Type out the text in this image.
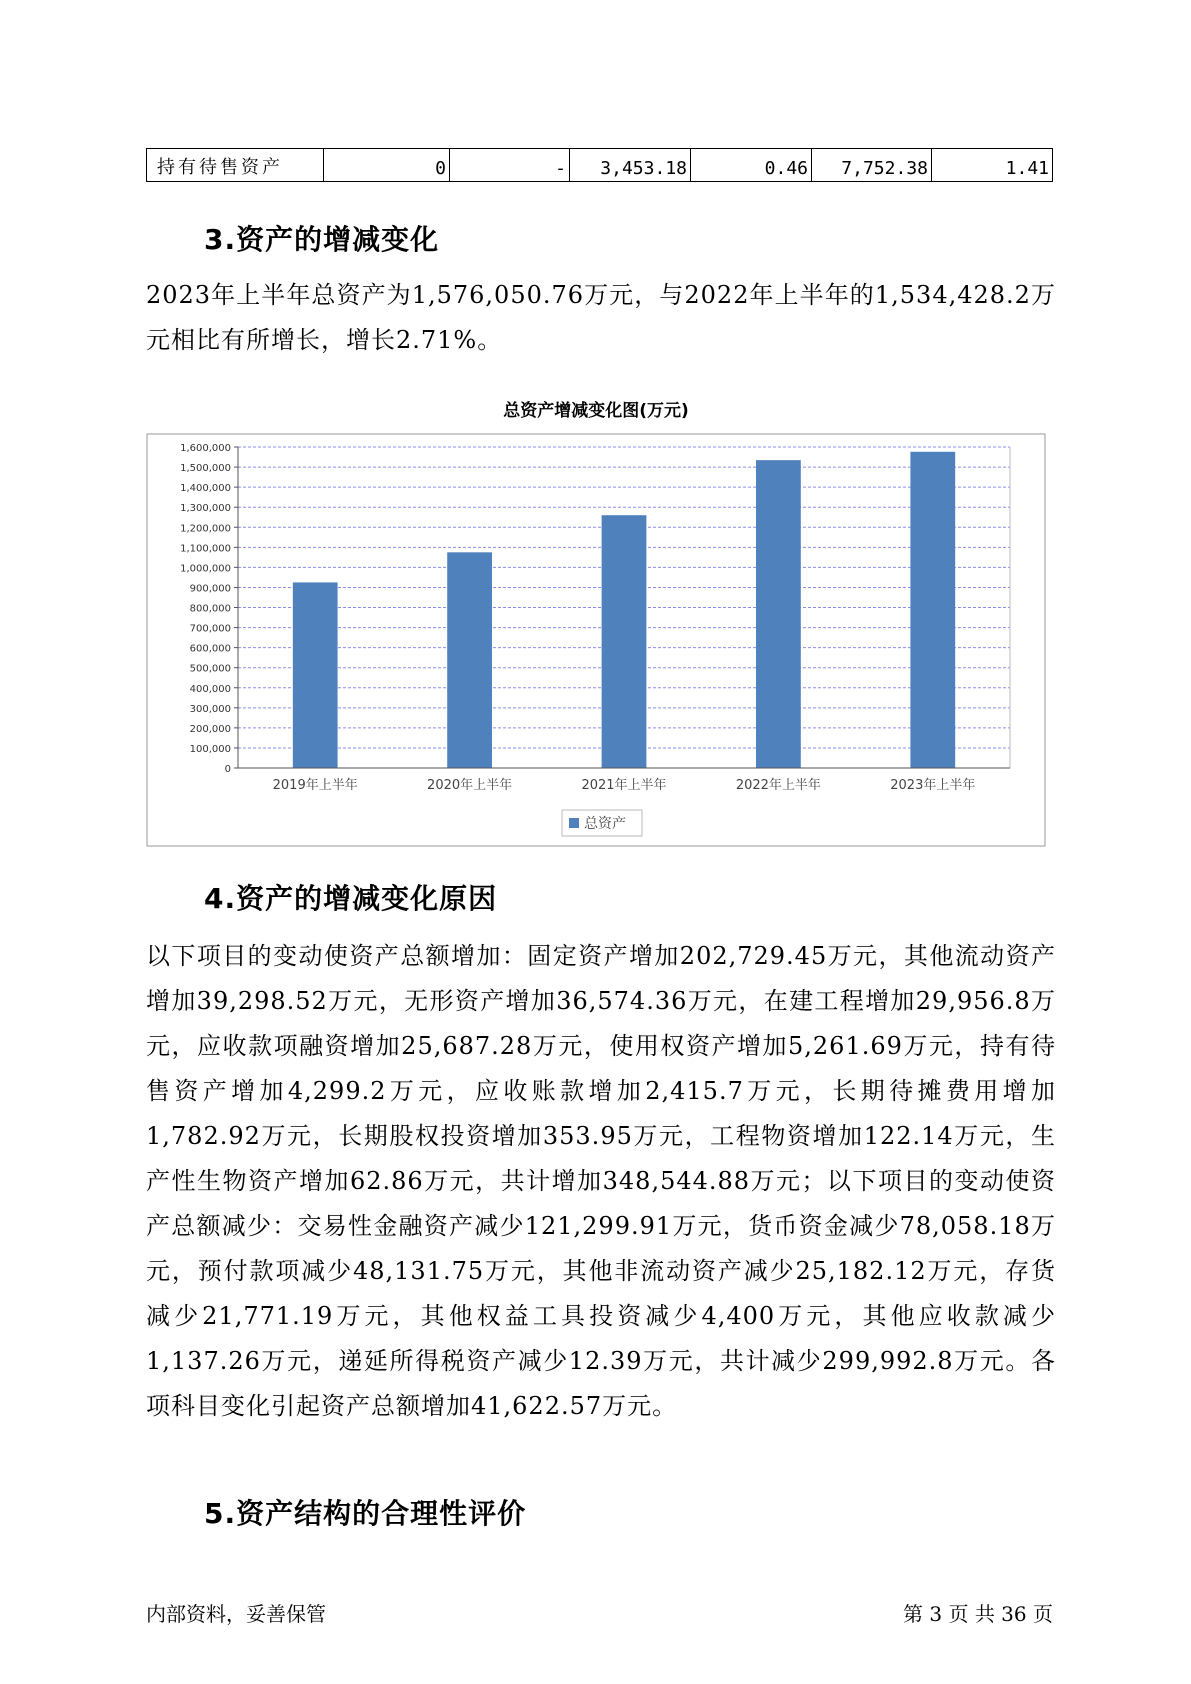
持有待售资产	0	-	3,453.18	0.46	7,752.38	1.41
3.资产的增减变化

2023年上半年总资产为1,576,050.76万元，与2022年上半年的1,534,428.2万元相比有所增长，增长2.71%。

总资产增减变化图(万元)
0
100,000
200,000
300,000
400,000
500,000
600,000
700,000
800,000
900,000
1,000,000
1,100,000
1,200,000
1,300,000
1,400,000
1,500,000
1,600,000
2019年上半年	2020年上半年	2021年上半年	2022年上半年	2023年上半年
总资产
4.资产的增减变化原因

以下项目的变动使资产总额增加：固定资产增加202,729.45万元，其他流动资产增加39,298.52万元，无形资产增加36,574.36万元，在建工程增加29,956.8万元，应收款项融资增加25,687.28万元，使用权资产增加5,261.69万元，持有待售资产增加4,299.2万元，应收账款增加2,415.7万元，长期待摊费用增加1,782.92万元，长期股权投资增加353.95万元，工程物资增加122.14万元，生产性生物资产增加62.86万元，共计增加348,544.88万元；以下项目的变动使资产总额减少：交易性金融资产减少121,299.91万元，货币资金减少78,058.18万元，预付款项减少48,131.75万元，其他非流动资产减少25,182.12万元，存货减少21,771.19万元，其他权益工具投资减少4,400万元，其他应收款减少1,137.26万元，递延所得税资产减少12.39万元，共计减少299,992.8万元。各项科目变化引起资产总额增加41,622.57万元。

5.资产结构的合理性评价

内部资料，妥善保管	第 3 页 共 36 页
